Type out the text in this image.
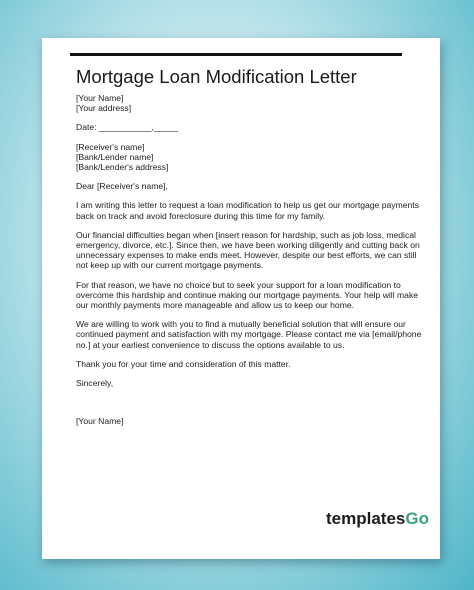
Mortgage Loan Modification Letter
[Your Name]
[Your address]
Date: ___________,_____
[Receiver's name]
[Bank/Lender name]
[Bank/Lender's address]
Dear [Receiver's name],
I am writing this letter to request a loan modification to help us get our mortgage payments
back on track and avoid foreclosure during this time for my family.
Our financial difficulties began when [insert reason for hardship, such as job loss, medical
emergency, divorce, etc.]. Since then, we have been working diligently and cutting back on
unnecessary expenses to make ends meet. However, despite our best efforts, we can still
not keep up with our current mortgage payments.
For that reason, we have no choice but to seek your support for a loan modification to
overcome this hardship and continue making our mortgage payments. Your help will make
our monthly payments more manageable and allow us to keep our home.
We are willing to work with you to find a mutually beneficial solution that will ensure our
continued payment and satisfaction with my mortgage. Please contact me via [email/phone
no.] at your earliest convenience to discuss the options available to us.
Thank you for your time and consideration of this matter.
Sincerely,
[Your Name]
templatesGo
